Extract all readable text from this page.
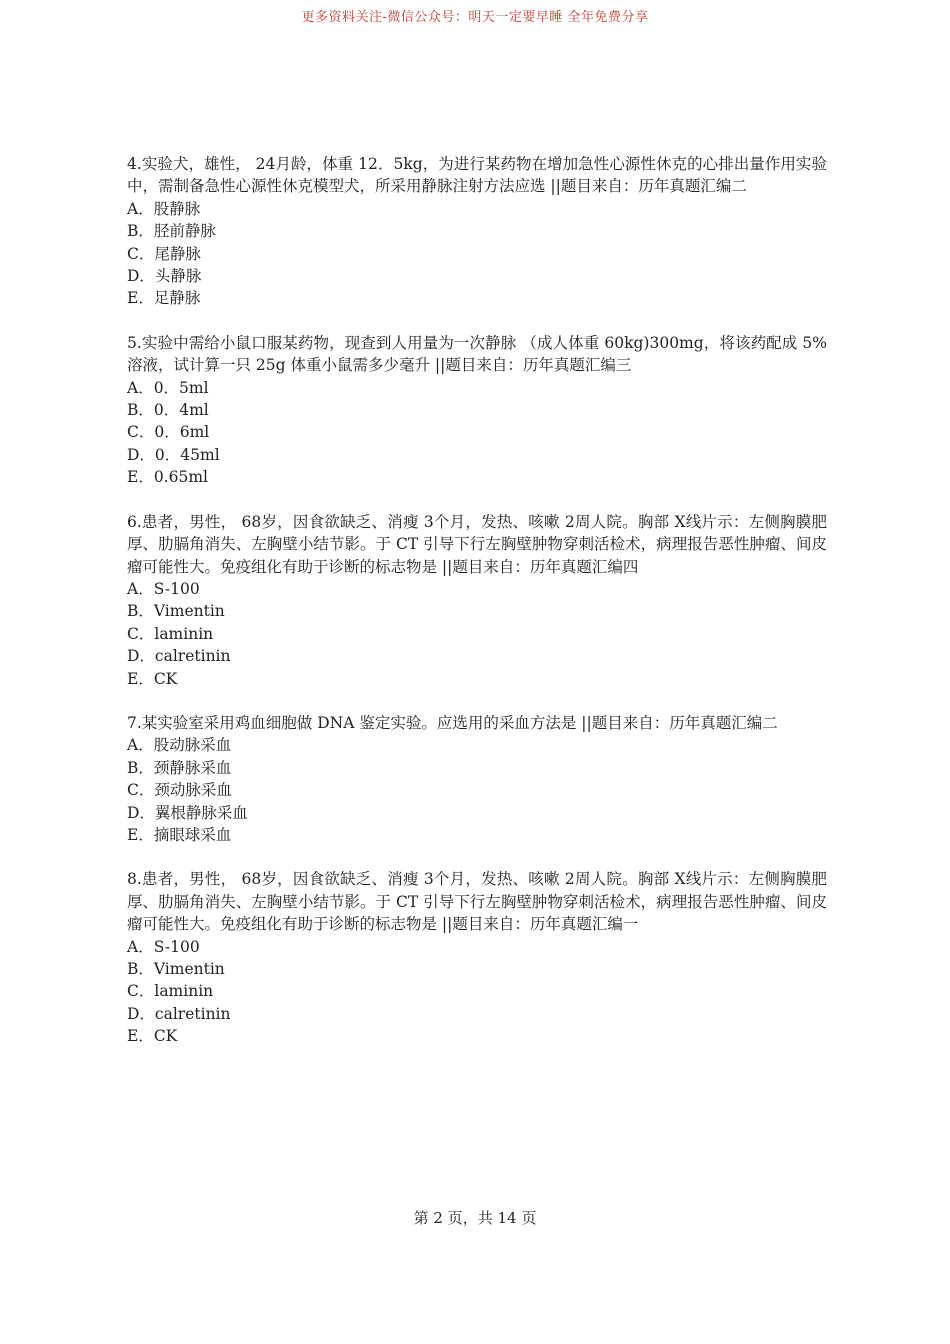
更多资料关注-微信公众号：明天一定要早睡 全年免费分享

4.实验犬，雄性， 24月龄，体重 12．5kg，为进行某药物在增加急性心源性休克的心排出量作用实验中，需制备急性心源性休克模型犬，所采用静脉注射方法应选 ||题目来自：历年真题汇编二

A．股静脉
B．胫前静脉
C．尾静脉
D．头静脉
E．足静脉

5.实验中需给小鼠口服某药物，现查到人用量为一次静脉 （成人体重 60kg)300mg，将该药配成 5%溶液，试计算一只 25g 体重小鼠需多少毫升 ||题目来自：历年真题汇编三

A．0．5ml
B．0．4ml
C．0．6ml
D．0．45ml
E．0.65ml

6.患者，男性， 68岁，因食欲缺乏、消瘦 3个月，发热、咳嗽 2周人院。胸部 X线片示：左侧胸膜肥厚、肋膈角消失、左胸壁小结节影。于 CT 引导下行左胸壁肿物穿刺活检术，病理报告恶性肿瘤、间皮瘤可能性大。免疫组化有助于诊断的标志物是 ||题目来自：历年真题汇编四

A．S-100
B．Vimentin
C．laminin
D．calretinin
E．CK

7.某实验室采用鸡血细胞做 DNA 鉴定实验。应选用的采血方法是 ||题目来自：历年真题汇编二

A．股动脉采血
B．颈静脉采血
C．颈动脉采血
D．翼根静脉采血
E．摘眼球采血

8.患者，男性， 68岁，因食欲缺乏、消瘦 3个月，发热、咳嗽 2周人院。胸部 X线片示：左侧胸膜肥厚、肋膈角消失、左胸壁小结节影。于 CT 引导下行左胸壁肿物穿刺活检术，病理报告恶性肿瘤、间皮瘤可能性大。免疫组化有助于诊断的标志物是 ||题目来自：历年真题汇编一

A．S-100
B．Vimentin
C．laminin
D．calretinin
E．CK
第 2 页，共 14 页
